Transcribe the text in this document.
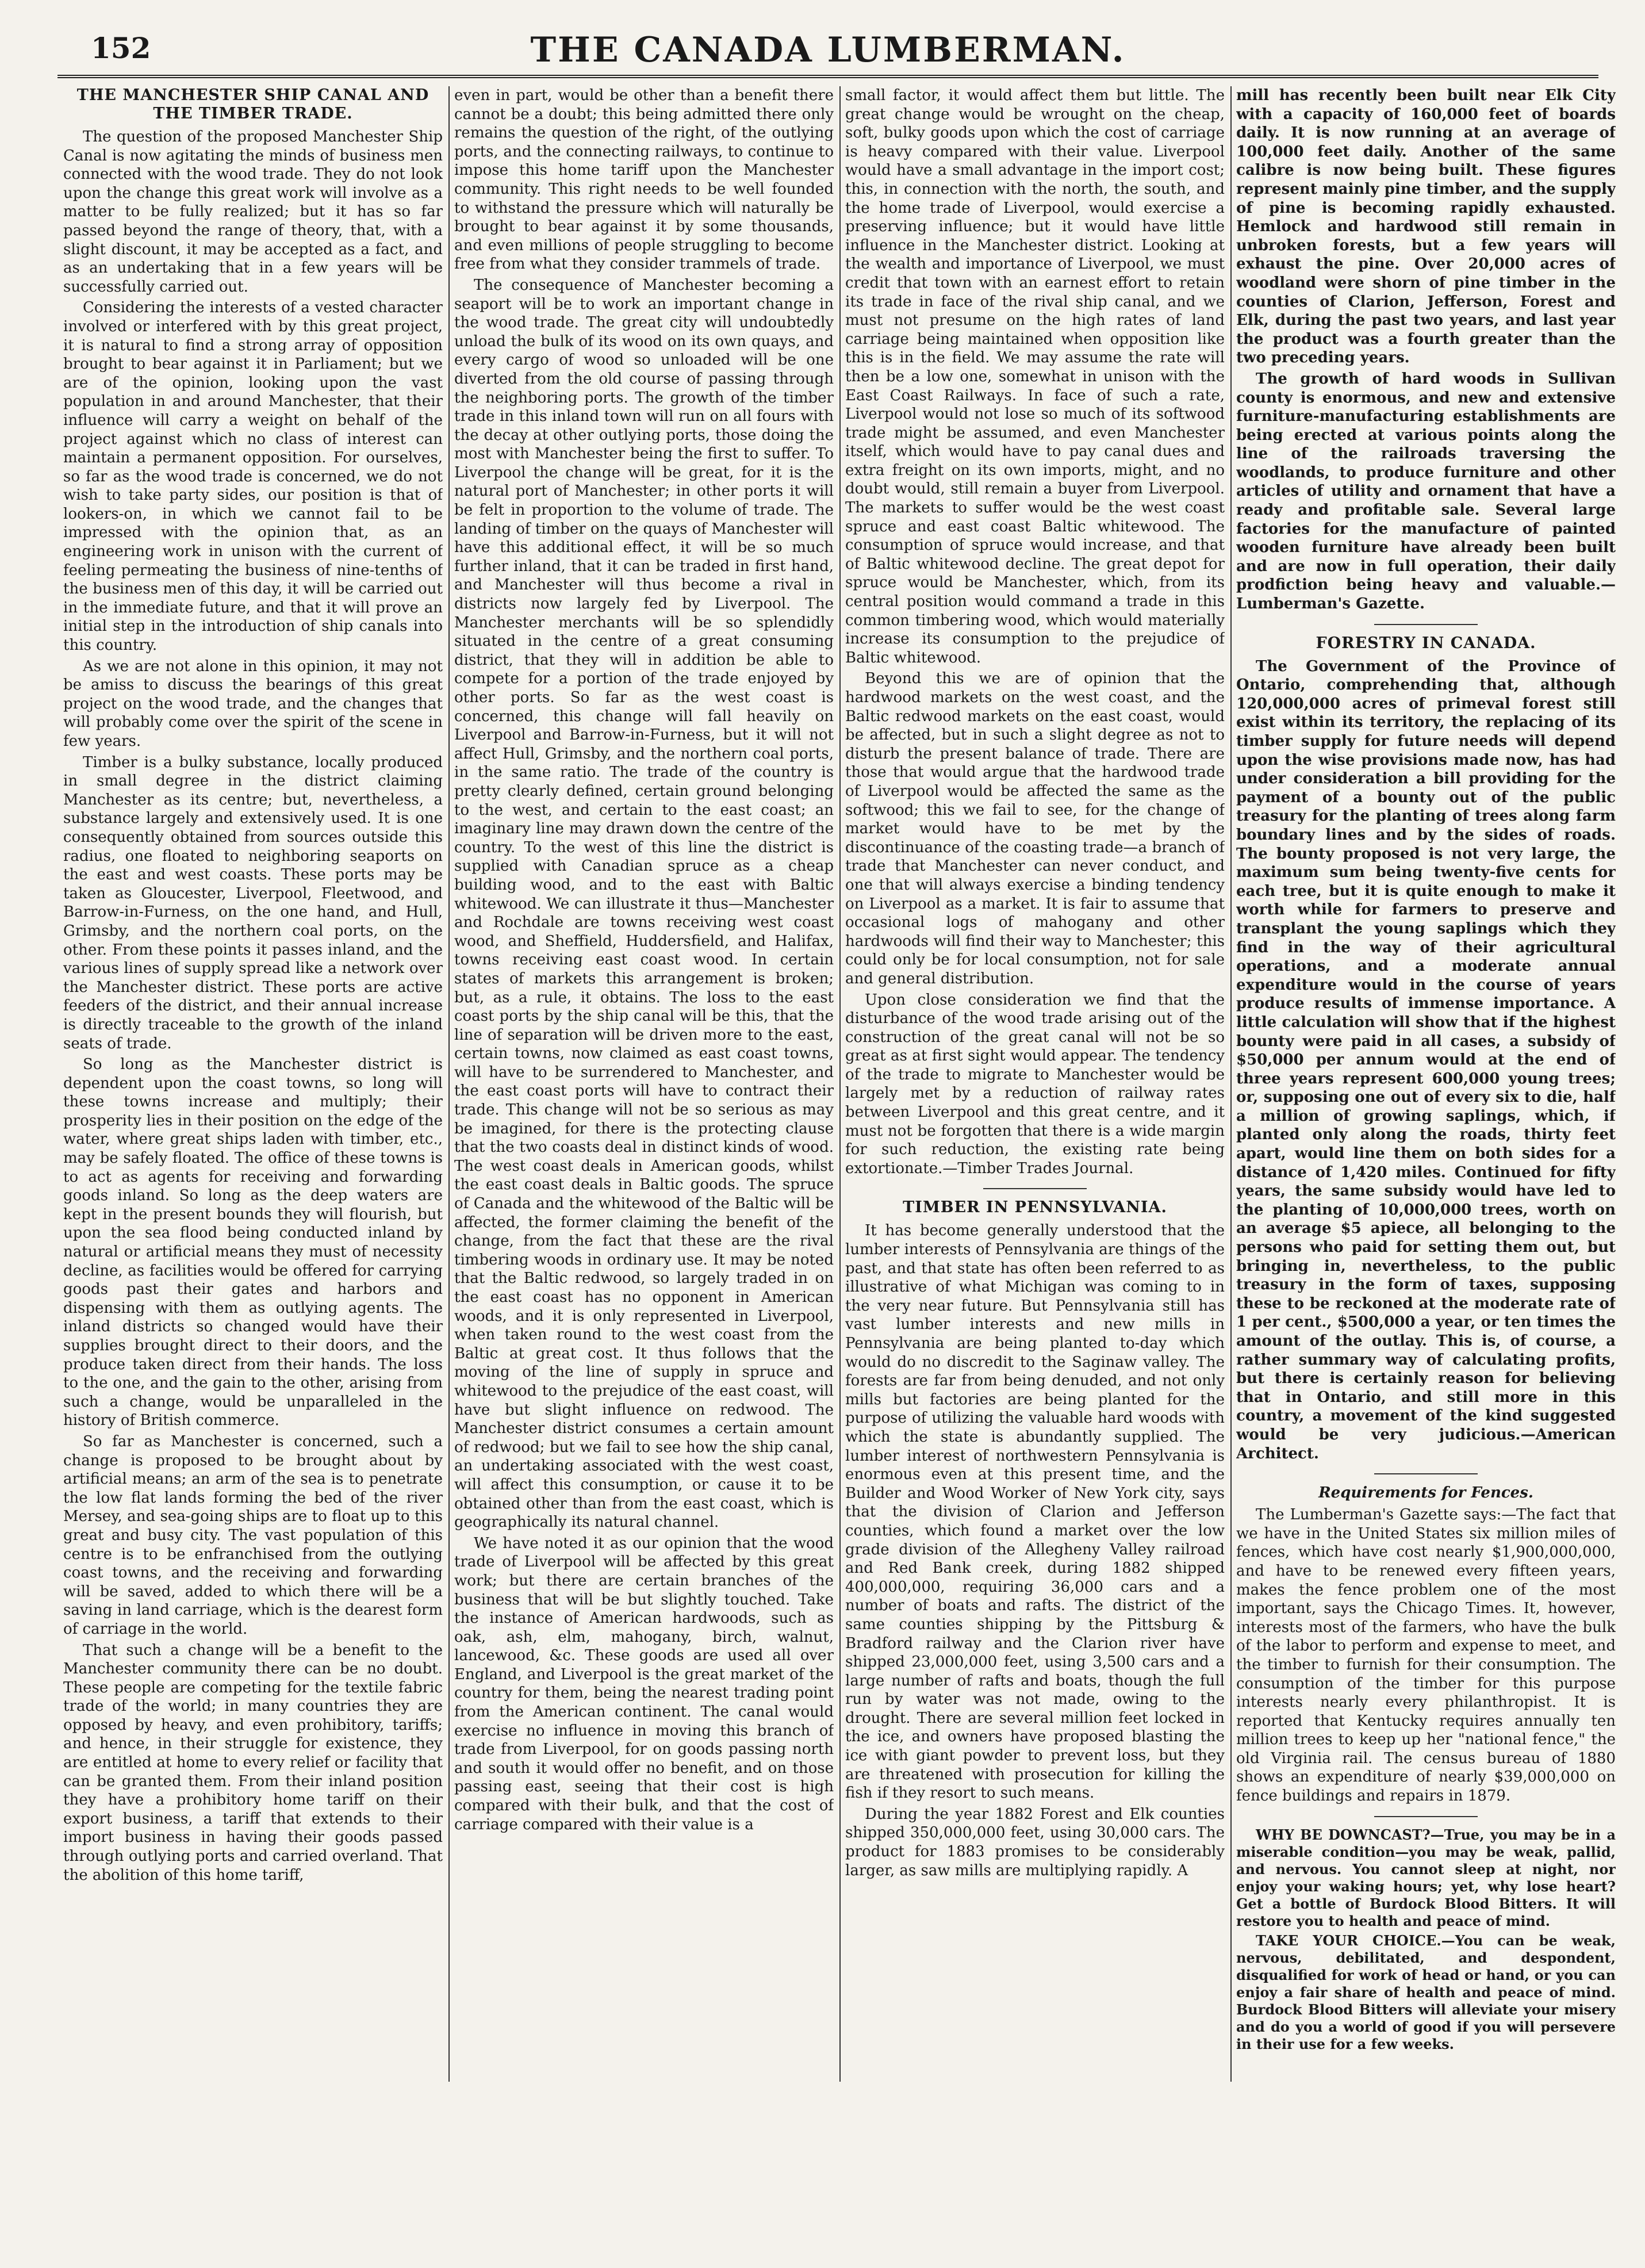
152	THE CANADA LUMBERMAN.
THE MANCHESTER SHIP CANAL AND THE TIMBER TRADE.

The question of the proposed Manchester Ship Canal is now agitating the minds of business men connected with the wood trade. They do not look upon the change this great work will involve as a matter to be fully realized; but it has so far passed beyond the range of theory, that, with a slight discount, it may be accepted as a fact, and as an undertaking that in a few years will be successfully carried out.

Considering the interests of a vested character involved or interfered with by this great project, it is natural to find a strong array of opposition brought to bear against it in Parliament; but we are of the opinion, looking upon the vast population in and around Manchester, that their influence will carry a weight on behalf of the project against which no class of interest can maintain a permanent opposition. For ourselves, so far as the wood trade is concerned, we do not wish to take party sides, our position is that of lookers-on, in which we cannot fail to be impressed with the opinion that, as an engineering work in unison with the current of feeling permeating the business of nine-tenths of the business men of this day, it will be carried out in the immediate future, and that it will prove an initial step in the introduction of ship canals into this country.

As we are not alone in this opinion, it may not be amiss to discuss the bearings of this great project on the wood trade, and the changes that will probably come over the spirit of the scene in few years.

Timber is a bulky substance, locally produced in small degree in the district claiming Manchester as its centre; but, nevertheless, a substance largely and extensively used. It is one consequently obtained from sources outside this radius, one floated to neighboring seaports on the east and west coasts. These ports may be taken as Gloucester, Liverpool, Fleetwood, and Barrow-in-Furness, on the one hand, and Hull, Grimsby, and the northern coal ports, on the other. From these points it passes inland, and the various lines of supply spread like a network over the Manchester district. These ports are active feeders of the district, and their annual increase is directly traceable to the growth of the inland seats of trade.

So long as the Manchester district is dependent upon the coast towns, so long will these towns increase and multiply; their prosperity lies in their position on the edge of the water, where great ships laden with timber, etc., may be safely floated. The office of these towns is to act as agents for receiving and forwarding goods inland. So long as the deep waters are kept in the present bounds they will flourish, but upon the sea flood being conducted inland by natural or artificial means they must of necessity decline, as facilities would be offered for carrying goods past their gates and harbors and dispensing with them as outlying agents. The inland districts so changed would have their supplies brought direct to their doors, and the produce taken direct from their hands. The loss to the one, and the gain to the other, arising from such a change, would be unparalleled in the history of British commerce.

So far as Manchester is concerned, such a change is proposed to be brought about by artificial means; an arm of the sea is to penetrate the low flat lands forming the bed of the river Mersey, and sea-going ships are to float up to this great and busy city. The vast population of this centre is to be enfranchised from the outlying coast towns, and the receiving and forwarding will be saved, added to which there will be a saving in land carriage, which is the dearest form of carriage in the world.

That such a change will be a benefit to the Manchester community there can be no doubt. These people are competing for the textile fabric trade of the world; in many countries they are opposed by heavy, and even prohibitory, tariffs; and hence, in their struggle for existence, they are entitled at home to every relief or facility that can be granted them. From their inland position they have a prohibitory home tariff on their export business, a tariff that extends to their import business in having their goods passed through outlying ports and carried overland. That the abolition of this home tariff,

even in part, would be other than a benefit there cannot be a doubt; this being admitted there only remains the question of the right, of the outlying ports, and the connecting railways, to continue to impose this home tariff upon the Manchester community. This right needs to be well founded to withstand the pressure which will naturally be brought to bear against it by some thousands, and even millions of people struggling to become free from what they consider trammels of trade.

The consequence of Manchester becoming a seaport will be to work an important change in the wood trade. The great city will undoubtedly unload the bulk of its wood on its own quays, and every cargo of wood so unloaded will be one diverted from the old course of passing through the neighboring ports. The growth of the timber trade in this inland town will run on all fours with the decay at other outlying ports, those doing the most with Manchester being the first to suffer. To Liverpool the change will be great, for it is the natural port of Manchester; in other ports it will be felt in proportion to the volume of trade. The landing of timber on the quays of Manchester will have this additional effect, it will be so much further inland, that it can be traded in first hand, and Manchester will thus become a rival in districts now largely fed by Liverpool. The Manchester merchants will be so splendidly situated in the centre of a great consuming district, that they will in addition be able to compete for a portion of the trade enjoyed by other ports. So far as the west coast is concerned, this change will fall heavily on Liverpool and Barrow-in-Furness, but it will not affect Hull, Grimsby, and the northern coal ports, in the same ratio. The trade of the country is pretty clearly defined, certain ground belonging to the west, and certain to the east coast; an imaginary line may drawn down the centre of the country. To the west of this line the district is supplied with Canadian spruce as a cheap building wood, and to the east with Baltic whitewood. We can illustrate it thus—Manchester and Rochdale are towns receiving west coast wood, and Sheffield, Huddersfield, and Halifax, towns receiving east coast wood. In certain states of markets this arrangement is broken; but, as a rule, it obtains. The loss to the east coast ports by the ship canal will be this, that the line of separation will be driven more to the east, certain towns, now claimed as east coast towns, will have to be surrendered to Manchester, and the east coast ports will have to contract their trade. This change will not be so serious as may be imagined, for there is the protecting clause that the two coasts deal in distinct kinds of wood. The west coast deals in American goods, whilst the east coast deals in Baltic goods. The spruce of Canada and the whitewood of the Baltic will be affected, the former claiming the benefit of the change, from the fact that these are the rival timbering woods in ordinary use. It may be noted that the Baltic redwood, so largely traded in on the east coast has no opponent in American woods, and it is only represented in Liverpool, when taken round to the west coast from the Baltic at great cost. It thus follows that the moving of the line of supply in spruce and whitewood to the prejudice of the east coast, will have but slight influence on redwood. The Manchester district consumes a certain amount of redwood; but we fail to see how the ship canal, an undertaking associated with the west coast, will affect this consumption, or cause it to be obtained other than from the east coast, which is geographically its natural channel.

We have noted it as our opinion that the wood trade of Liverpool will be affected by this great work; but there are certain branches of the business that will be but slightly touched. Take the instance of American hardwoods, such as oak, ash, elm, mahogany, birch, walnut, lancewood, &c. These goods are used all over England, and Liverpool is the great market of the country for them, being the nearest trading point from the American continent. The canal would exercise no influence in moving this branch of trade from Liverpool, for on goods passing north and south it would offer no benefit, and on those passing east, seeing that their cost is high compared with their bulk, and that the cost of carriage compared with their value is a

small factor, it would affect them but little. The great change would be wrought on the cheap, soft, bulky goods upon which the cost of carriage is heavy compared with their value. Liverpool would have a small advantage in the import cost; this, in connection with the north, the south, and the home trade of Liverpool, would exercise a preserving influence; but it would have little influence in the Manchester district. Looking at the wealth and importance of Liverpool, we must credit that town with an earnest effort to retain its trade in face of the rival ship canal, and we must not presume on the high rates of land carriage being maintained when opposition like this is in the field. We may assume the rate will then be a low one, somewhat in unison with the East Coast Railways. In face of such a rate, Liverpool would not lose so much of its softwood trade might be assumed, and even Manchester itself, which would have to pay canal dues and extra freight on its own imports, might, and no doubt would, still remain a buyer from Liverpool. The markets to suffer would be the west coast spruce and east coast Baltic whitewood. The consumption of spruce would increase, and that of Baltic whitewood decline. The great depot for spruce would be Manchester, which, from its central position would command a trade in this common timbering wood, which would materially increase its consumption to the prejudice of Baltic whitewood.

Beyond this we are of opinion that the hardwood markets on the west coast, and the Baltic redwood markets on the east coast, would be affected, but in such a slight degree as not to disturb the present balance of trade. There are those that would argue that the hardwood trade of Liverpool would be affected the same as the softwood; this we fail to see, for the change of market would have to be met by the discontinuance of the coasting trade—a branch of trade that Manchester can never conduct, and one that will always exercise a binding tendency on Liverpool as a market. It is fair to assume that occasional logs of mahogany and other hardwoods will find their way to Manchester; this could only be for local consumption, not for sale and general distribution.

Upon close consideration we find that the disturbance of the wood trade arising out of the construction of the great canal will not be so great as at first sight would appear. The tendency of the trade to migrate to Manchester would be largely met by a reduction of railway rates between Liverpool and this great centre, and it must not be forgotten that there is a wide margin for such reduction, the existing rate being extortionate.—Timber Trades Journal.

TIMBER IN PENNSYLVANIA.

It has become generally understood that the lumber interests of Pennsylvania are things of the past, and that state has often been referred to as illustrative of what Michigan was coming to in the very near future. But Pennsylvania still has vast lumber interests and new mills in Pennsylvania are being planted to-day which would do no discredit to the Saginaw valley. The forests are far from being denuded, and not only mills but factories are being planted for the purpose of utilizing the valuable hard woods with which the state is abundantly supplied. The lumber interest of northwestern Pennsylvania is enormous even at this present time, and the Builder and Wood Worker of New York city, says that the division of Clarion and Jefferson counties, which found a market over the low grade division of the Allegheny Valley railroad and Red Bank creek, during 1882 shipped 400,000,000, requiring 36,000 cars and a number of boats and rafts. The district of the same counties shipping by the Pittsburg & Bradford railway and the Clarion river have shipped 23,000,000 feet, using 3,500 cars and a large number of rafts and boats, though the full run by water was not made, owing to the drought. There are several million feet locked in the ice, and owners have proposed blasting the ice with giant powder to prevent loss, but they are threatened with prosecution for killing the fish if they resort to such means.

During the year 1882 Forest and Elk counties shipped 350,000,000 feet, using 30,000 cars. The product for 1883 promises to be considerably larger, as saw mills are multiplying rapidly. A

mill has recently been built near Elk City with a capacity of 160,000 feet of boards daily. It is now running at an average of 100,000 feet daily. Another of the same calibre is now being built. These figures represent mainly pine timber, and the supply of pine is becoming rapidly exhausted. Hemlock and hardwood still remain in unbroken forests, but a few years will exhaust the pine. Over 20,000 acres of woodland were shorn of pine timber in the counties of Clarion, Jefferson, Forest and Elk, during the past two years, and last year the product was a fourth greater than the two preceding years.

The growth of hard woods in Sullivan county is enormous, and new and extensive furniture-manufacturing establishments are being erected at various points along the line of the railroads traversing the woodlands, to produce furniture and other articles of utility and ornament that have a ready and profitable sale. Several large factories for the manufacture of painted wooden furniture have already been built and are now in full operation, their daily prodfiction being heavy and valuable.—Lumberman's Gazette.

FORESTRY IN CANADA.

The Government of the Province of Ontario, comprehending that, although 120,000,000 acres of primeval forest still exist within its territory, the replacing of its timber supply for future needs will depend upon the wise provisions made now, has had under consideration a bill providing for the payment of a bounty out of the public treasury for the planting of trees along farm boundary lines and by the sides of roads. The bounty proposed is not very large, the maximum sum being twenty-five cents for each tree, but it is quite enough to make it worth while for farmers to preserve and transplant the young saplings which they find in the way of their agricultural operations, and a moderate annual expenditure would in the course of years produce results of immense importance. A little calculation will show that if the highest bounty were paid in all cases, a subsidy of $50,000 per annum would at the end of three years represent 600,000 young trees; or, supposing one out of every six to die, half a million of growing saplings, which, if planted only along the roads, thirty feet apart, would line them on both sides for a distance of 1,420 miles. Continued for fifty years, the same subsidy would have led to the planting of 10,000,000 trees, worth on an average $5 apiece, all belonging to the persons who paid for setting them out, but bringing in, nevertheless, to the public treasury in the form of taxes, supposing these to be reckoned at the moderate rate of 1 per cent., $500,000 a year, or ten times the amount of the outlay. This is, of course, a rather summary way of calculating profits, but there is certainly reason for believing that in Ontario, and still more in this country, a movement of the kind suggested would be very judicious.—American Architect.

Requirements for Fences.

The Lumberman's Gazette says:—The fact that we have in the United States six million miles of fences, which have cost nearly $1,900,000,000, and have to be renewed every fifteen years, makes the fence problem one of the most important, says the Chicago Times. It, however, interests most of the farmers, who have the bulk of the labor to perform and expense to meet, and the timber to furnish for their consumption. The consumption of the timber for this purpose interests nearly every philanthropist. It is reported that Kentucky requires annually ten million trees to keep up her "national fence," the old Virginia rail. The census bureau of 1880 shows an expenditure of nearly $39,000,000 on fence buildings and repairs in 1879.

WHY BE DOWNCAST?—True, you may be in a miserable condition—you may be weak, pallid, and nervous. You cannot sleep at night, nor enjoy your waking hours; yet, why lose heart? Get a bottle of Burdock Blood Bitters. It will restore you to health and peace of mind.

TAKE YOUR CHOICE.—You can be weak, nervous, debilitated, and despondent, disqualified for work of head or hand, or you can enjoy a fair share of health and peace of mind. Burdock Blood Bitters will alleviate your misery and do you a world of good if you will persevere in their use for a few weeks.
